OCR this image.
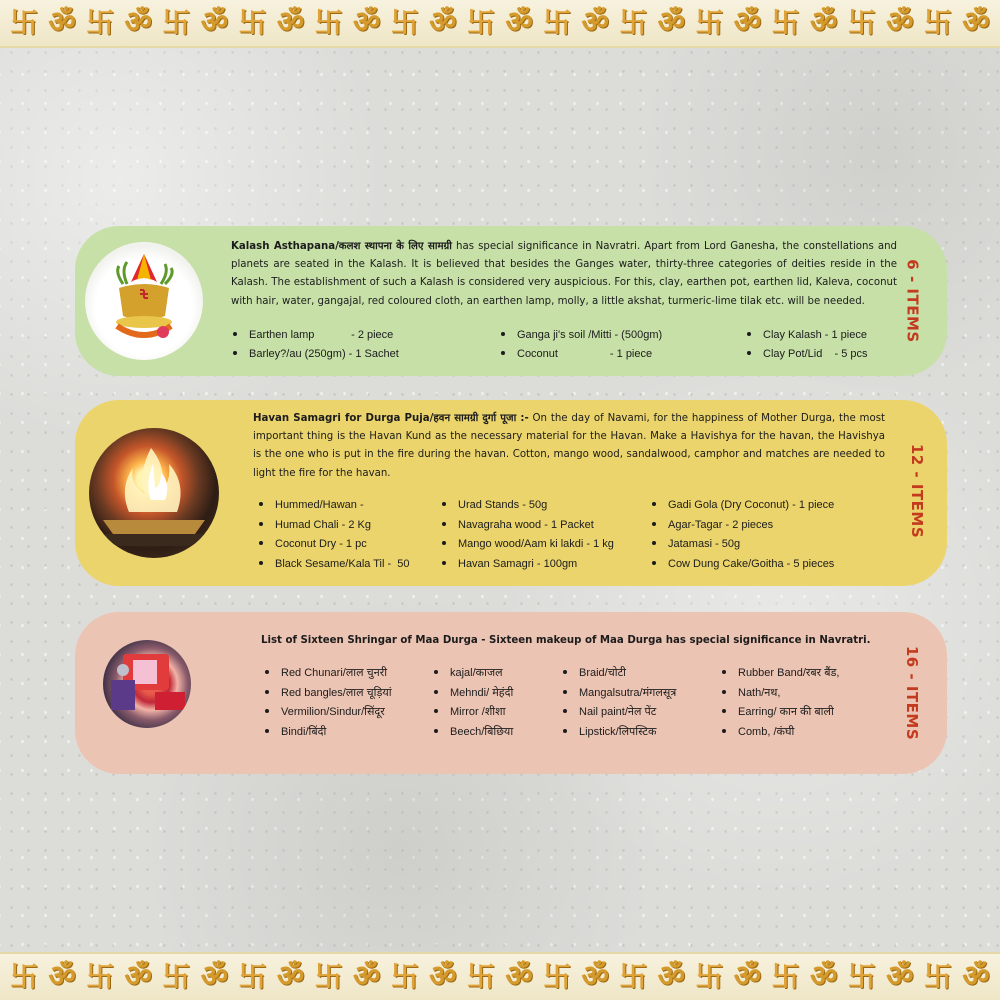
卐 ॐ 卐 ॐ 卐 ॐ 卐 ॐ 卐 ॐ 卐 ॐ 卐 ॐ 卐 ॐ 卐 ॐ 卐 ॐ 卐 ॐ 卐 ॐ 卐 ॐ
Kalash Asthapana/कलश स्थापना के लिए सामग्री has special significance in Navratri. Apart from Lord Ganesha, the constellations and planets are seated in the Kalash. It is believed that besides the Ganges water, thirty-three categories of deities reside in the Kalash. The establishment of such a Kalash is considered very auspicious. For this, clay, earthen pot, earthen lid, Kaleva, coconut with hair, water, gangajal, red coloured cloth, an earthen lamp, molly, a little akshat, turmeric-lime tilak etc. will be needed.
Earthen lamp            - 2 piece
Barley?/au (250gm) - 1 Sachet
Ganga ji's soil /Mitti - (500gm)
Coconut                 - 1 piece
Clay Kalash - 1 piece
Clay Pot/Lid    - 5 pcs
6 - ITEMS
Havan Samagri for Durga Puja/हवन सामग्री दुर्गा पूजा :- On the day of Navami, for the happiness of Mother Durga, the most important thing is the Havan Kund as the necessary material for the Havan. Make a Havishya for the havan, the Havishya is the one who is put in the fire during the havan. Cotton, mango wood, sandalwood, camphor and matches are needed to light the fire for the havan.
Hummed/Hawan -
Humad Chali - 2 Kg
Coconut Dry - 1 pc
Black Sesame/Kala Til -  50
Urad Stands - 50g
Navagraha wood - 1 Packet
Mango wood/Aam ki lakdi - 1 kg
Havan Samagri - 100gm
Gadi Gola (Dry Coconut) - 1 piece
Agar-Tagar - 2 pieces
Jatamasi - 50g
Cow Dung Cake/Goitha - 5 pieces
12 - ITEMS
List of Sixteen Shringar of Maa Durga - Sixteen makeup of Maa Durga has special significance in Navratri.
Red Chunari/लाल चुनरी
Red bangles/लाल चूड़ियां
Vermilion/Sindur/सिंदूर
Bindi/बिंदी
kajal/काजल
Mehndi/ मेहंदी
Mirror /शीशा
Beech/बिछिया
Braid/चोटी
Mangalsutra/मंगलसूत्र
Nail paint/नेल पेंट
Lipstick/लिपस्टिक
Rubber Band/रबर बैंड,
Nath/नथ,
Earring/ कान की बाली
Comb, /कंघी	16 - ITEMS
卐 ॐ 卐 ॐ 卐 ॐ 卐 ॐ 卐 ॐ 卐 ॐ 卐 ॐ 卐 ॐ 卐 ॐ 卐 ॐ 卐 ॐ 卐 ॐ 卐 ॐ
